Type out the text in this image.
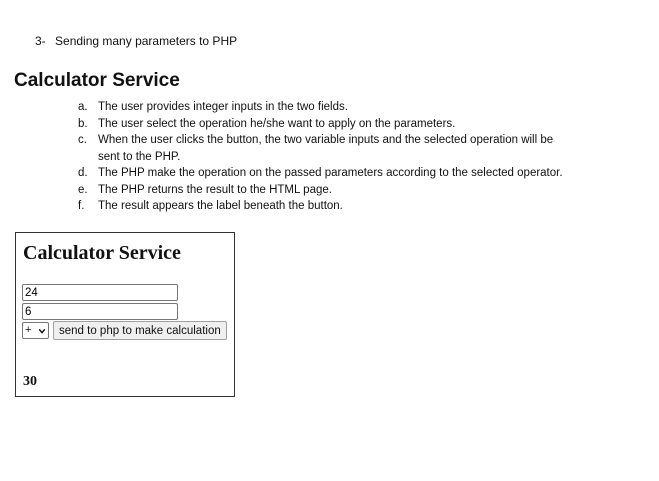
3- Sending many parameters to PHP
Calculator Service
a. The user provides integer inputs in the two fields.
b. The user select the operation he/she want to apply on the parameters.
c. When the user clicks the button, the two variable inputs and the selected operation will be sent to the PHP.
d. The PHP make the operation on the passed parameters according to the selected operator.
e. The PHP returns the result to the HTML page.
f.	The result appears the label beneath the button.
Calculator Service
24
6
+	send to php to make calculation
30
